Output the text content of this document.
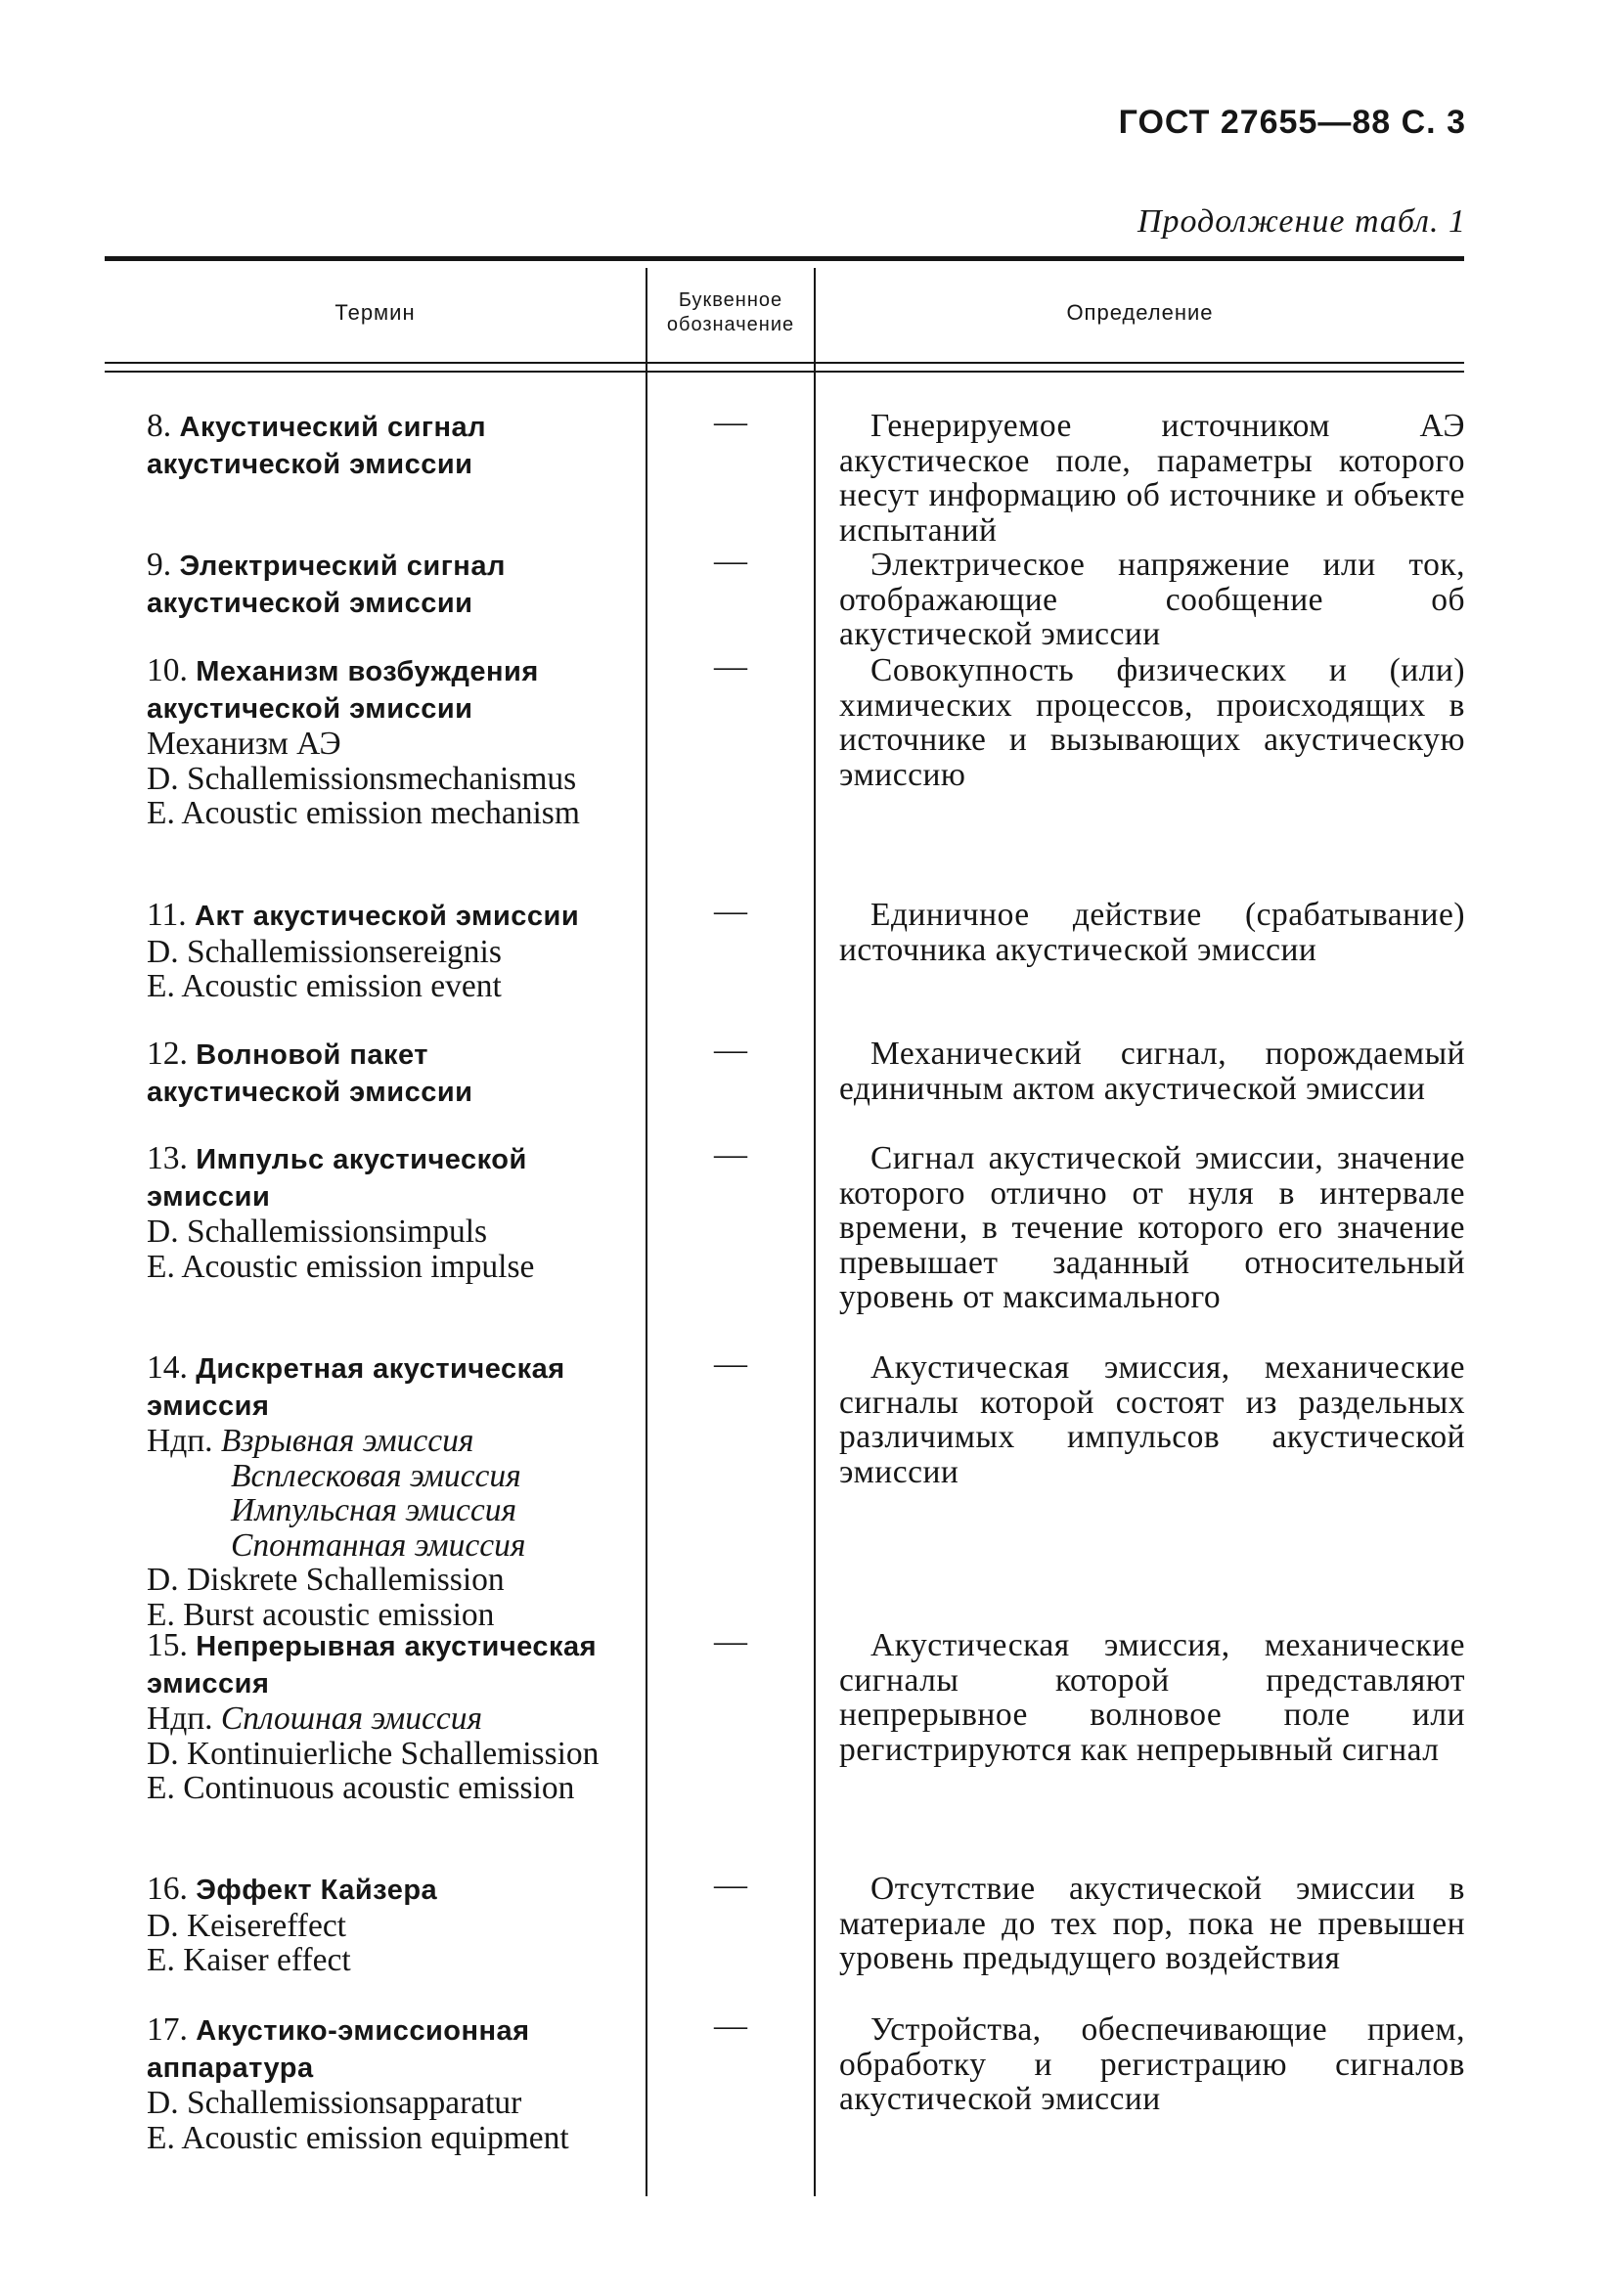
ГОСТ 27655—88 С. 3
Продолжение табл. 1
Термин	Буквенное обозначение	Определение
8. Акустический сигнал акустической эмиссии
—	Генерируемое источником АЭ акустическое поле, параметры которого несут информацию об источнике и объекте испытаний
9. Электрический сигнал акустической эмиссии
—	Электрическое напряжение или ток, отображающие сообщение об акустической эмиссии
10. Механизм возбуждения акустической эмиссии
Механизм АЭ
D. Schallemissionsmechanismus
E. Acoustic emission mechanism
—	Совокупность физических и (или) химических процессов, происходящих в источнике и вызывающих акустическую эмиссию
11. Акт акустической эмиссии
D. Schallemissionsereignis
E. Acoustic emission event
—	Единичное действие (срабатывание) источника акустической эмиссии
12. Волновой пакет акустической эмиссии
—	Механический сигнал, порождаемый единичным актом акустической эмиссии
13. Импульс акустической эмиссии
D. Schallemissionsimpuls
E. Acoustic emission impulse
—	Сигнал акустической эмиссии, значение которого отлично от нуля в интервале времени, в течение которого его значение превышает заданный относительный уровень от максимального
14. Дискретная акустическая эмиссия
Ндп. Взрывная эмиссия
Всплесковая эмиссия
Импульсная эмиссия
Спонтанная эмиссия
D. Diskrete Schallemission
E. Burst acoustic emission
—	Акустическая эмиссия, механические сигналы которой состоят из раздельных различимых импульсов акустической эмиссии
15. Непрерывная акустическая эмиссия
Ндп. Сплошная эмиссия
D. Kontinuierliche Schallemission
E. Continuous acoustic emission
—	Акустическая эмиссия, механические сигналы которой представляют непрерывное волновое поле или регистрируются как непрерывный сигнал
16. Эффект Кайзера
D. Keisereffect
E. Kaiser effect
—	Отсутствие акустической эмиссии в материале до тех пор, пока не превышен уровень предыдущего воздействия
17. Акустико-эмиссионная аппаратура
D. Schallemissionsapparatur
E. Acoustic emission equipment
—	Устройства, обеспечивающие прием, обработку и регистрацию сигналов акустической эмиссии
